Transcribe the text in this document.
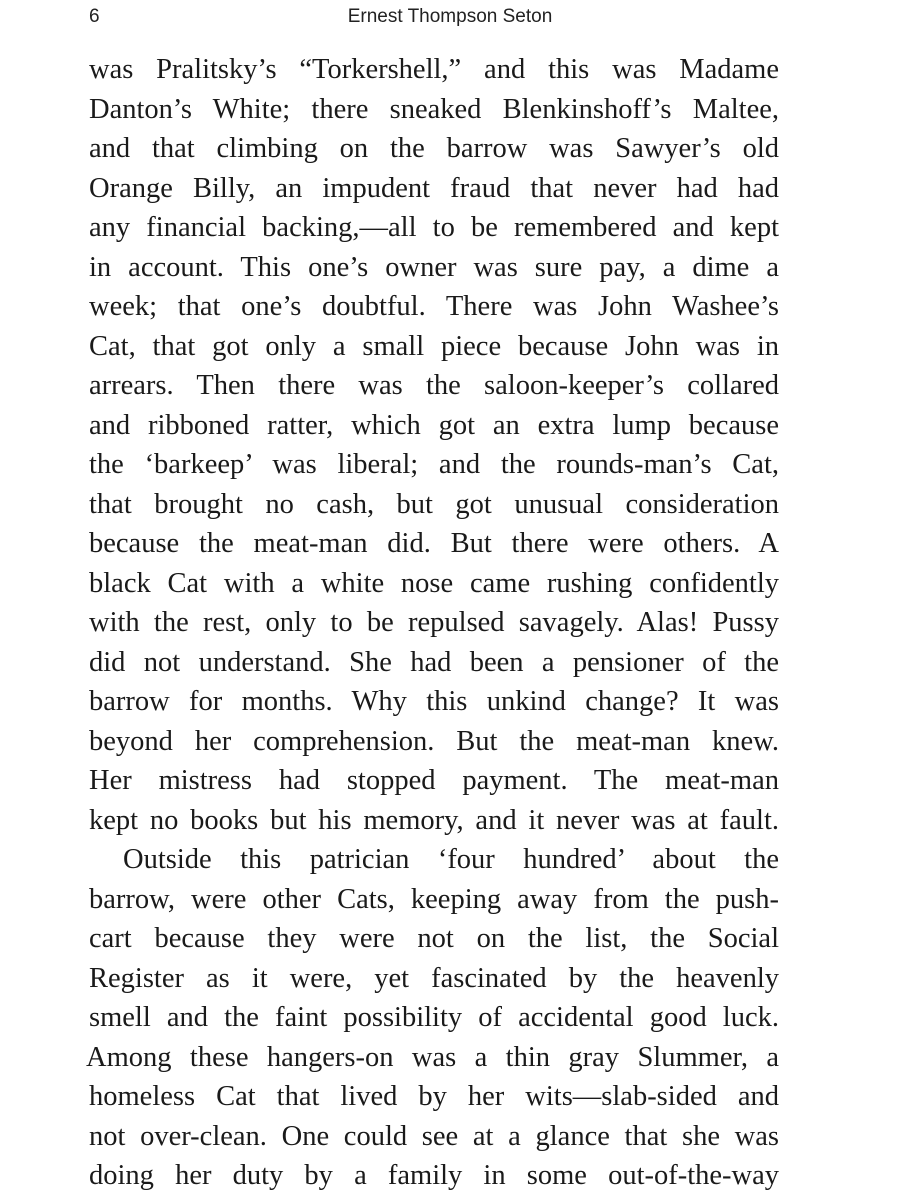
6	Ernest Thompson Seton
was Pralitsky’s “Torkershell,” and this was Madame
Danton’s White; there sneaked Blenkinshoff’s Maltee,
and that climbing on the barrow was Sawyer’s old
Orange Billy, an impudent fraud that never had had
any financial backing,—all to be remembered and kept
in account. This one’s owner was sure pay, a dime a
week; that one’s doubtful. There was John Washee’s
Cat, that got only a small piece because John was in
arrears. Then there was the saloon-keeper’s collared
and ribboned ratter, which got an extra lump because
the ‘barkeep’ was liberal; and the rounds-man’s Cat,
that brought no cash, but got unusual consideration
because the meat-man did. But there were others. A
black Cat with a white nose came rushing confidently
with the rest, only to be repulsed savagely. Alas! Pussy
did not understand. She had been a pensioner of the
barrow for months. Why this unkind change? It was
beyond her comprehension. But the meat-man knew.
Her mistress had stopped payment. The meat-man
kept no books but his memory, and it never was at fault.
Outside this patrician ‘four hundred’ about the
barrow, were other Cats, keeping away from the push-
cart because they were not on the list, the Social
Register as it were, yet fascinated by the heavenly
smell and the faint possibility of accidental good luck.
Among these hangers-on was a thin gray Slummer, a
homeless Cat that lived by her wits—slab-sided and
not over-clean. One could see at a glance that she was
doing her duty by a family in some out-of-the-way
